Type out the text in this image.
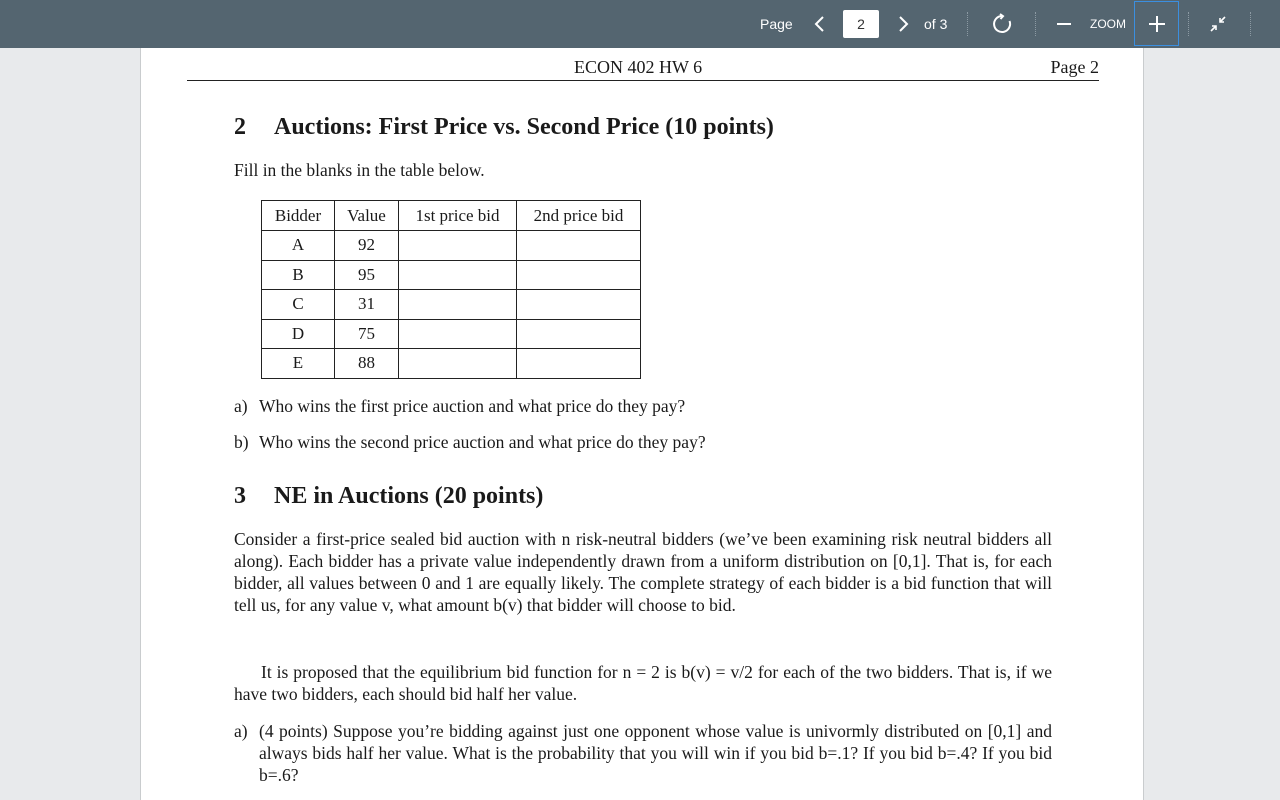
Page
2	of 3	ZOOM
ECON 402 HW 6	Page 2
2 Auctions: First Price vs. Second Price (10 points)
Fill in the blanks in the table below.
Bidder	Value	1st price bid	2nd price bid
A	92		
B	95		
C	31		
D	75		
E	88		
a) Who wins the first price auction and what price do they pay?
b) Who wins the second price auction and what price do they pay?
3 NE in Auctions (20 points)
Consider a first-price sealed bid auction with n risk-neutral bidders (we’ve been examining risk neutral bidders all along). Each bidder has a private value independently drawn from a uniform distribution on [0,1]. That is, for each bidder, all values between 0 and 1 are equally likely. The complete strategy of each bidder is a bid function that will tell us, for any value v, what amount b(v) that bidder will choose to bid.
It is proposed that the equilibrium bid function for n = 2 is b(v) = v/2 for each of the two bidders. That is, if we have two bidders, each should bid half her value.
a) (4 points) Suppose you’re bidding against just one opponent whose value is univormly distributed on [0,1] and always bids half her value. What is the probability that you will win if you bid b=.1? If you bid b=.4? If you bid b=.6?
